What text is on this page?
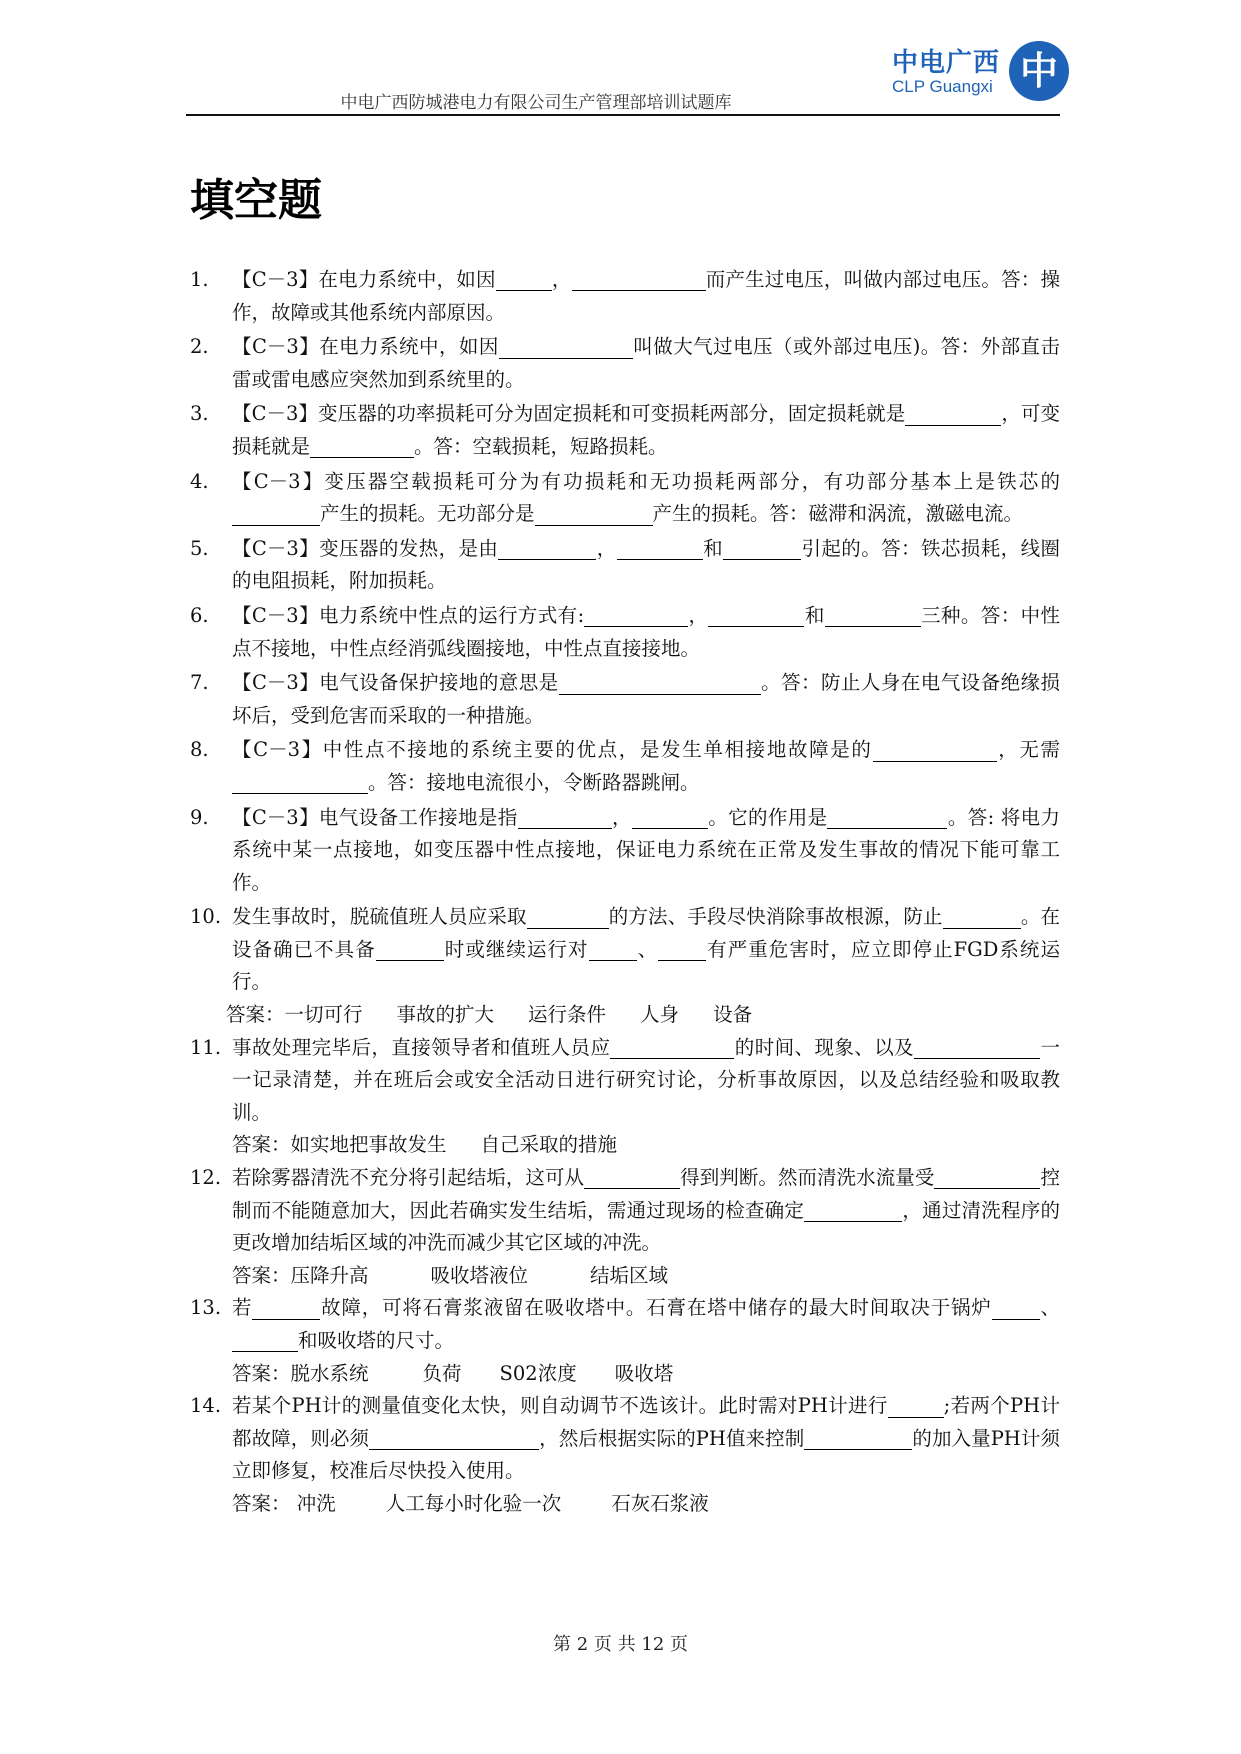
中电广西
CLP Guangxi 中
中电广西防城港电力有限公司生产管理部培训试题库
填空题
1. 【C－3】在电力系统中，如因	，	而产生过电压，叫做内部过电压。答：操作，故障或其他系统内部原因。
2. 【C－3】在电力系统中，如因	叫做大气过电压（或外部过电压)。答：外部直击雷或雷电感应突然加到系统里的。
3. 【C－3】变压器的功率损耗可分为固定损耗和可变损耗两部分，固定损耗就是	，可变损耗就是	。答：空载损耗，短路损耗。
4. 【C－3】变压器空载损耗可分为有功损耗和无功损耗两部分，有功部分基本上是铁芯的产生的损耗。无功部分是	产生的损耗。答：磁滞和涡流，激磁电流。
5. 【C－3】变压器的发热，是由	，	和	引起的。答：铁芯损耗，线圈的电阻损耗，附加损耗。
6. 【C－3】电力系统中性点的运行方式有:	，	和	三种。答：中性点不接地，中性点经消弧线圈接地，中性点直接接地。
7. 【C－3】电气设备保护接地的意思是	。答：防止人身在电气设备绝缘损坏后，受到危害而采取的一种措施。
8. 【C－3】中性点不接地的系统主要的优点，是发生单相接地故障是的	，无需。答：接地电流很小，令断路器跳闸。
9. 【C－3】电气设备工作接地是指	，	。它的作用是	。答: 将电力系统中某一点接地，如变压器中性点接地，保证电力系统在正常及发生事故的情况下能可靠工作。
10. 发生事故时，脱硫值班人员应采取	的方法、手段尽快消除事故根源，防止	。在设备确已不具备	时或继续运行对 、 有严重危害时，应立即停止FGD系统运行。
答案：一切可行 事故的扩大 运行条件 人身 设备
11. 事故处理完毕后，直接领导者和值班人员应	的时间、现象、以及	一一记录清楚，并在班后会或安全活动日进行研究讨论，分析事故原因，以及总结经验和吸取教训。
答案：如实地把事故发生 自己采取的措施
12. 若除雾器清洗不充分将引起结垢，这可从	得到判断。然而清洗水流量受	控制而不能随意加大，因此若确实发生结垢，需通过现场的检查确定	，通过清洗程序的更改增加结垢区域的冲洗而减少其它区域的冲洗。
答案：压降升高	吸收塔液位	结垢区域
13. 若	故障，可将石膏浆液留在吸收塔中。石膏在塔中储存的最大时间取决于锅炉 、和吸收塔的尺寸。
答案：脱水系统	负荷 S02浓度 吸收塔
14. 若某个PH计的测量值变化太快，则自动调节不选该计。此时需对PH计进行	;若两个PH计都故障，则必须	，然后根据实际的PH值来控制	的加入量PH计须立即修复，校准后尽快投入使用。
答案： 冲洗	人工每小时化验一次	石灰石浆液
第 2 页 共 12 页
